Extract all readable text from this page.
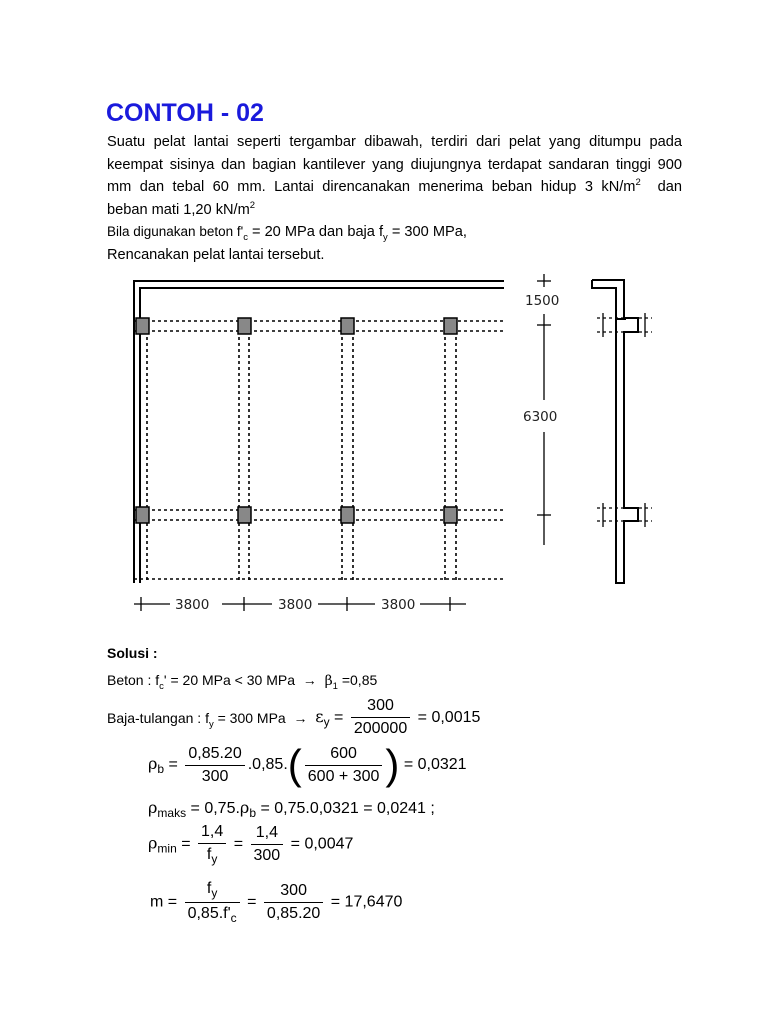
CONTOH - 02
Suatu pelat lantai seperti tergambar dibawah, terdiri dari pelat yang ditumpu pada
keempat sisinya dan bagian kantilever yang diujungnya terdapat sandaran tinggi 900
mm dan tebal 60 mm. Lantai direncanakan menerima beban hidup 3 $kN/m^2$ dan
beban mati 1,20 $kN/m^2$
Bila digunakan beton $f'_c = 20$ MPa dan baja $f_y = 300$ MPa,
Rencanakan pelat lantai tersebut.
1500
6300
3800	3800	3800
Solusi :
Beton : $f_c' = 20$ MPa < 30 MPa → $\beta_1 =0,85$
Baja-tulangan : $f_y = 300$ MPa → $\varepsilon_y = \frac{300}{200000} = 0,0015$
$\rho_b = \frac{0,85.20}{300} .0,85.( \frac{600}{600 + 300}$ ) = 0,0321
$\rho_{maks} = 0,75.\rho_b = 0,75.0,0321 = 0,0241$ ;
$\rho_{min} = \frac{1,4}{f_y} = \frac{1,4}{300} = 0,0047$
$m = \frac{f_y}{0,85.f'_c} = \frac{300}{0,85.20} = 17,6470$
